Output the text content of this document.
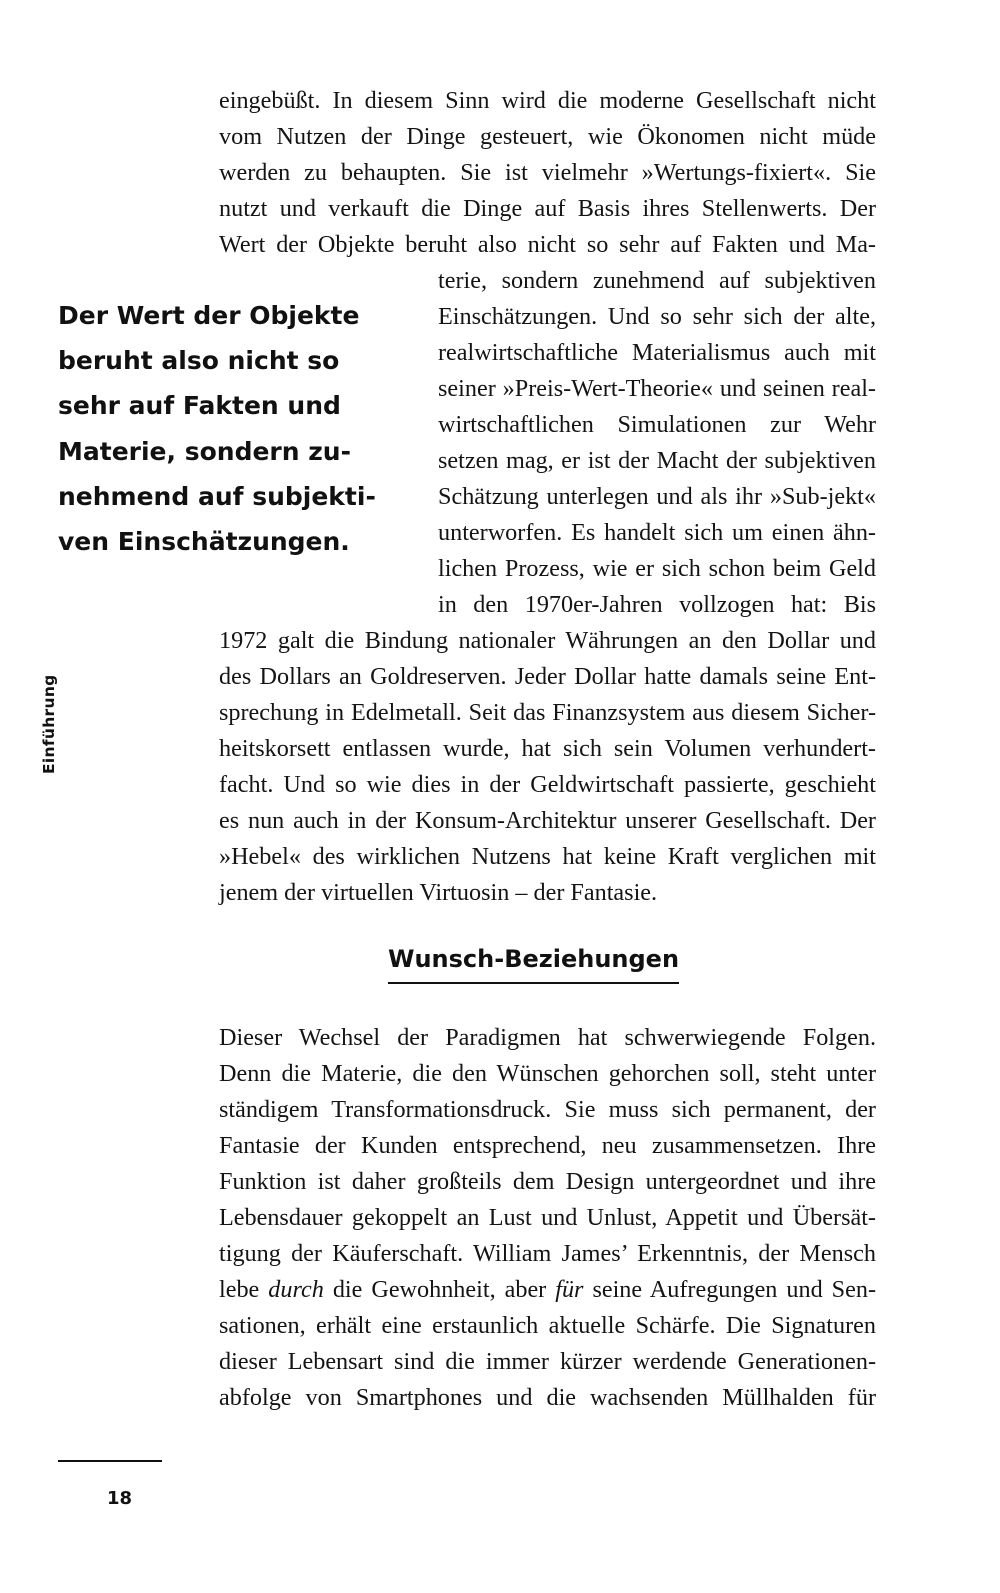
eingebüßt. In diesem Sinn wird die moderne Gesellschaft nicht
vom Nutzen der Dinge gesteuert, wie Ökonomen nicht müde
werden zu behaupten. Sie ist vielmehr »Wertungs-fixiert«. Sie
nutzt und verkauft die Dinge auf Basis ihres Stellenwerts. Der
Wert der Objekte beruht also nicht so sehr auf Fakten und Ma-
terie, sondern zunehmend auf subjektiven
Einschätzungen. Und so sehr sich der alte,
realwirtschaftliche Materialismus auch mit
seiner »Preis-Wert-Theorie« und seinen real-
wirtschaftlichen Simulationen zur Wehr
setzen mag, er ist der Macht der subjektiven
Schätzung unterlegen und als ihr »Sub-jekt«
unterworfen. Es handelt sich um einen ähn-
lichen Prozess, wie er sich schon beim Geld
in den 1970er-Jahren vollzogen hat: Bis
1972 galt die Bindung nationaler Währungen an den Dollar und
des Dollars an Goldreserven. Jeder Dollar hatte damals seine Ent-
sprechung in Edelmetall. Seit das Finanzsystem aus diesem Sicher-
heitskorsett entlassen wurde, hat sich sein Volumen verhundert-
facht. Und so wie dies in der Geldwirtschaft passierte, geschieht
es nun auch in der Konsum-Architektur unserer Gesellschaft. Der
»Hebel« des wirklichen Nutzens hat keine Kraft verglichen mit
jenem der virtuellen Virtuosin – der Fantasie.
Der Wert der Objekte
beruht also nicht so
sehr auf Fakten und
Materie, sondern zu-
nehmend auf subjekti-
ven Einschätzungen.
Einführung
Wunsch-Beziehungen
Dieser Wechsel der Paradigmen hat schwerwiegende Folgen.
Denn die Materie, die den Wünschen gehorchen soll, steht unter
ständigem Transformationsdruck. Sie muss sich permanent, der
Fantasie der Kunden entsprechend, neu zusammensetzen. Ihre
Funktion ist daher großteils dem Design untergeordnet und ihre
Lebensdauer gekoppelt an Lust und Unlust, Appetit und Übersät-
tigung der Käuferschaft. William James’ Erkenntnis, der Mensch
lebe durch die Gewohnheit, aber für seine Aufregungen und Sen-
sationen, erhält eine erstaunlich aktuelle Schärfe. Die Signaturen
dieser Lebensart sind die immer kürzer werdende Generationen-
abfolge von Smartphones und die wachsenden Müllhalden für
18
